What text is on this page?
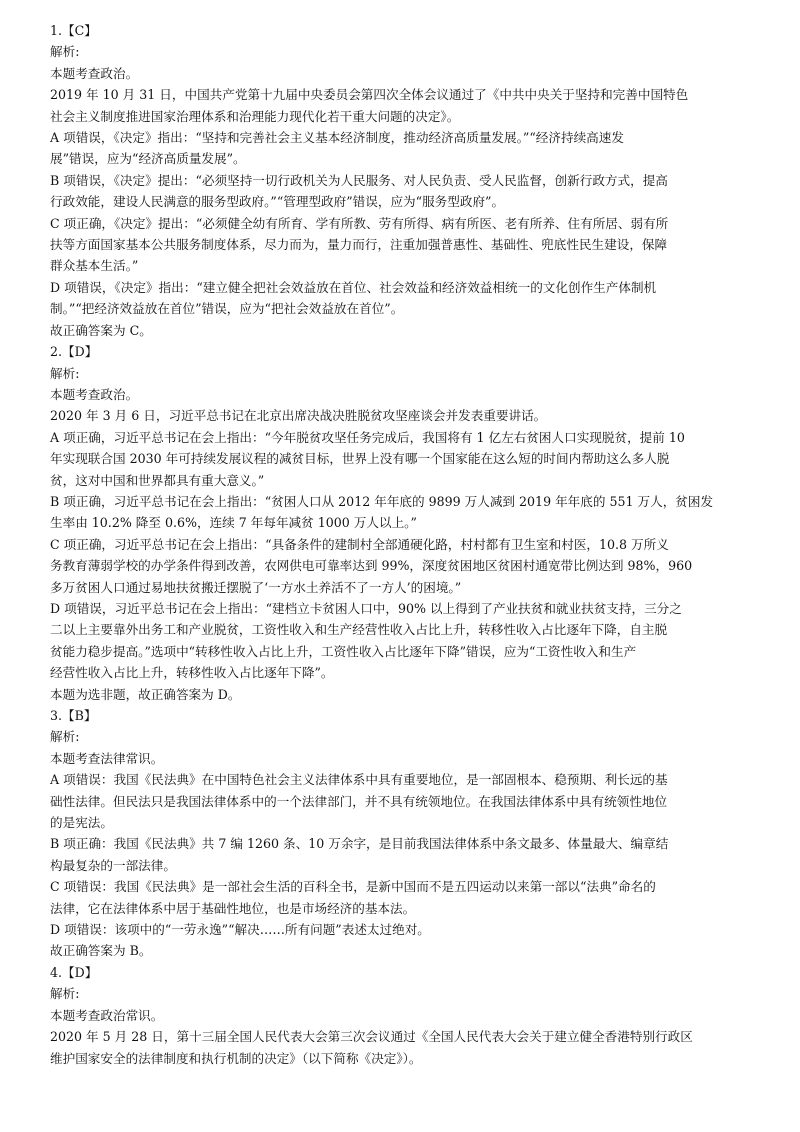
1.【C】
解析:
本题考查政治。
2019 年 10 月 31 日，中国共产党第十九届中央委员会第四次全体会议通过了《中共中央关于坚持和完善中国特色
社会主义制度推进国家治理体系和治理能力现代化若干重大问题的决定》。
A 项错误，《决定》指出：“坚持和完善社会主义基本经济制度，推动经济高质量发展。”“经济持续高速发
展”错误，应为“经济高质量发展”。
B 项错误，《决定》提出：“必须坚持一切行政机关为人民服务、对人民负责、受人民监督，创新行政方式，提高
行政效能，建设人民满意的服务型政府。”“管理型政府”错误，应为“服务型政府”。
C 项正确，《决定》提出：“必须健全幼有所育、学有所教、劳有所得、病有所医、老有所养、住有所居、弱有所
扶等方面国家基本公共服务制度体系，尽力而为，量力而行，注重加强普惠性、基础性、兜底性民生建设，保障
群众基本生活。”
D 项错误，《决定》指出：“建立健全把社会效益放在首位、社会效益和经济效益相统一的文化创作生产体制机
制。”“把经济效益放在首位”错误，应为“把社会效益放在首位”。
故正确答案为 C。
2.【D】
解析:
本题考查政治。
2020 年 3 月 6 日，习近平总书记在北京出席决战决胜脱贫攻坚座谈会并发表重要讲话。
A 项正确，习近平总书记在会上指出：“今年脱贫攻坚任务完成后，我国将有 1 亿左右贫困人口实现脱贫，提前 10
年实现联合国 2030 年可持续发展议程的减贫目标，世界上没有哪一个国家能在这么短的时间内帮助这么多人脱
贫，这对中国和世界都具有重大意义。”
B 项正确，习近平总书记在会上指出：“贫困人口从 2012 年年底的 9899 万人减到 2019 年年底的 551 万人，贫困发
生率由 10.2% 降至 0.6%，连续 7 年每年减贫 1000 万人以上。”
C 项正确，习近平总书记在会上指出：“具备条件的建制村全部通硬化路，村村都有卫生室和村医，10.8 万所义
务教育薄弱学校的办学条件得到改善，农网供电可靠率达到 99%，深度贫困地区贫困村通宽带比例达到 98%，960
多万贫困人口通过易地扶贫搬迁摆脱了‘一方水土养活不了一方人’的困境。”
D 项错误，习近平总书记在会上指出：“建档立卡贫困人口中，90% 以上得到了产业扶贫和就业扶贫支持，三分之
二以上主要靠外出务工和产业脱贫，工资性收入和生产经营性收入占比上升，转移性收入占比逐年下降，自主脱
贫能力稳步提高。”选项中“转移性收入占比上升，工资性收入占比逐年下降”错误，应为“工资性收入和生产
经营性收入占比上升，转移性收入占比逐年下降”。
本题为选非题，故正确答案为 D。
3.【B】
解析:
本题考查法律常识。
A 项错误：我国《民法典》在中国特色社会主义法律体系中具有重要地位，是一部固根本、稳预期、利长远的基
础性法律。但民法只是我国法律体系中的一个法律部门，并不具有统领地位。在我国法律体系中具有统领性地位
的是宪法。
B 项正确：我国《民法典》共 7 编 1260 条、10 万余字，是目前我国法律体系中条文最多、体量最大、编章结
构最复杂的一部法律。
C 项错误：我国《民法典》是一部社会生活的百科全书，是新中国而不是五四运动以来第一部以“法典”命名的
法律，它在法律体系中居于基础性地位，也是市场经济的基本法。
D 项错误：该项中的“一劳永逸”“解决……所有问题”表述太过绝对。
故正确答案为 B。
4.【D】
解析:
本题考查政治常识。
2020 年 5 月 28 日，第十三届全国人民代表大会第三次会议通过《全国人民代表大会关于建立健全香港特别行政区
维护国家安全的法律制度和执行机制的决定》（以下简称《决定》）。
